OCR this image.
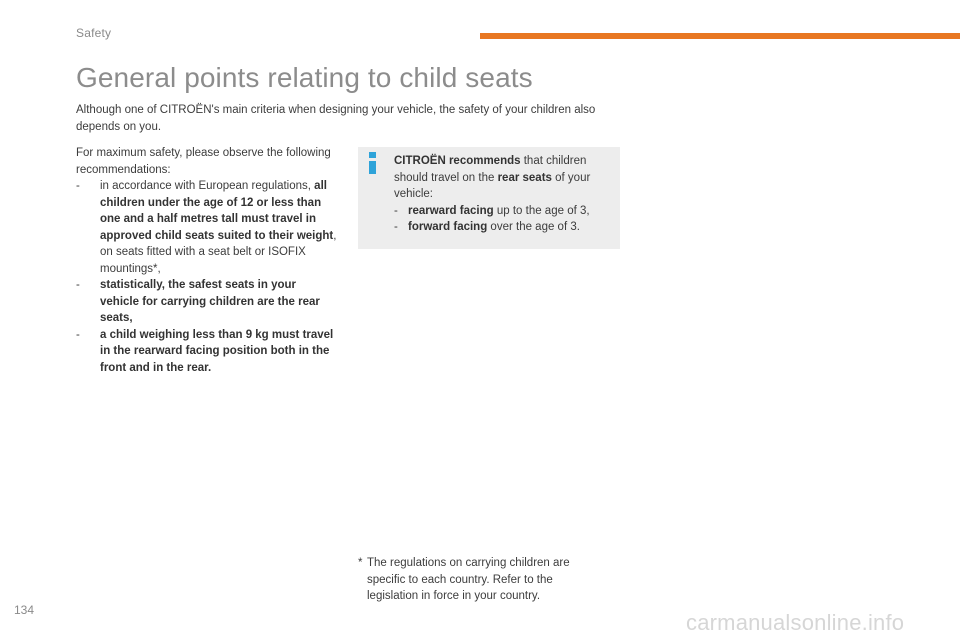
Safety
General points relating to child seats

Although one of CITROËN's main criteria when designing your vehicle, the safety of your children also depends on you.

For maximum safety, please observe the following recommendations:

-	in accordance with European regulations, all children under the age of 12 or less than one and a half metres tall must travel in approved child seats suited to their weight, on seats fitted with a seat belt or ISOFIX mountings*,
-	statistically, the safest seats in your vehicle for carrying children are the rear seats,
-	a child weighing less than 9 kg must travel in the rearward facing position both in the front and in the rear.

CITROËN recommends that children should travel on the rear seats of your vehicle:

- rearward facing up to the age of 3,
- forward facing over the age of 3.
* The regulations on carrying children are specific to each country. Refer to the legislation in force in your country.
134	carmanualsonline.info
